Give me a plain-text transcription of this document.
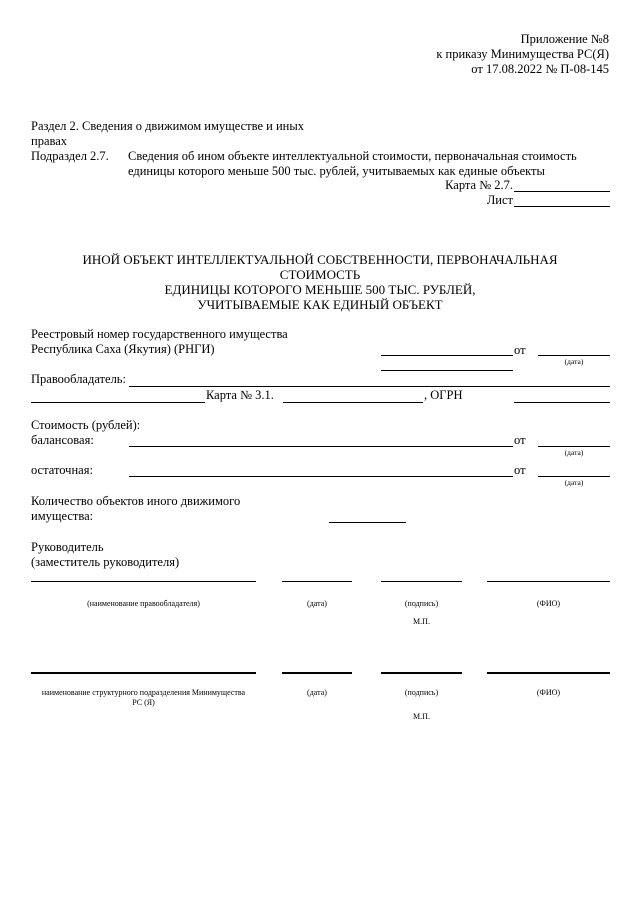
Приложение №8
к приказу Минимущества РС(Я)
от 17.08.2022 № П-08-145
Раздел 2. Сведения о движимом имуществе и иных
правах
Подраздел 2.7. Сведения об ином объекте интеллектуальной стоимости, первоначальная стоимость
единицы которого меньше 500 тыс. рублей, учитываемых как единые объекты
Карта № 2.7.
Лист
ИНОЙ ОБЪЕКТ ИНТЕЛЛЕКТУАЛЬНОЙ СОБСТВЕННОСТИ, ПЕРВОНАЧАЛЬНАЯ
СТОИМОСТЬ
ЕДИНИЦЫ КОТОРОГО МЕНЬШЕ 500 ТЫС. РУБЛЕЙ,
УЧИТЫВАЕМЫЕ КАК ЕДИНЫЙ ОБЪЕКТ
Реестровый номер государственного имущества
Республика Саха (Якутия) (РНГИ)	от
(дата)
Правообладатель:
Карта № 3.1.	, ОГРН
Стоимость (рублей):
балансовая:	от
(дата)
остаточная:	от
(дата)
Количество объектов иного движимого
имущества:
Руководитель
(заместитель руководителя)
(наименование правообладателя)	(дата)	(подпись)	(ФИО)
М.П.
наименование структурного подразделения Минимущества
РС (Я)
(дата)	(подпись)	(ФИО)
М.П.
